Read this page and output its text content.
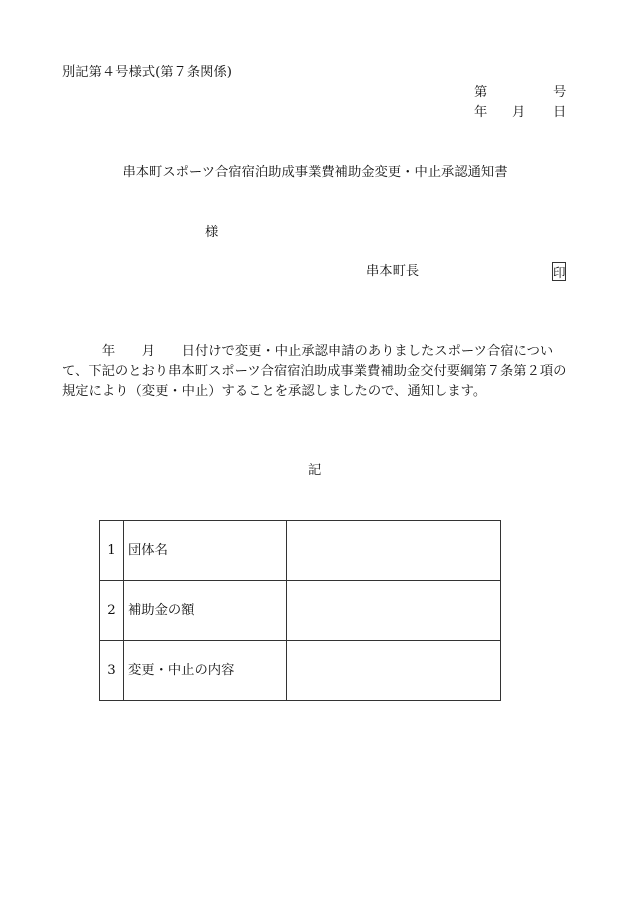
別記第４号様式(第７条関係)
第	号
年 月 日
串本町スポーツ合宿宿泊助成事業費補助金変更・中止承認通知書
様
串本町長	印
　　　年　　月　　日付けで変更・中止承認申請のありましたスポーツ合宿につい
て、下記のとおり串本町スポーツ合宿宿泊助成事業費補助金交付要綱第７条第２項の
規定により（変更・中止）することを承認しましたので、通知します。
記
1	団体名	
2	補助金の額	
3	変更・中止の内容	
